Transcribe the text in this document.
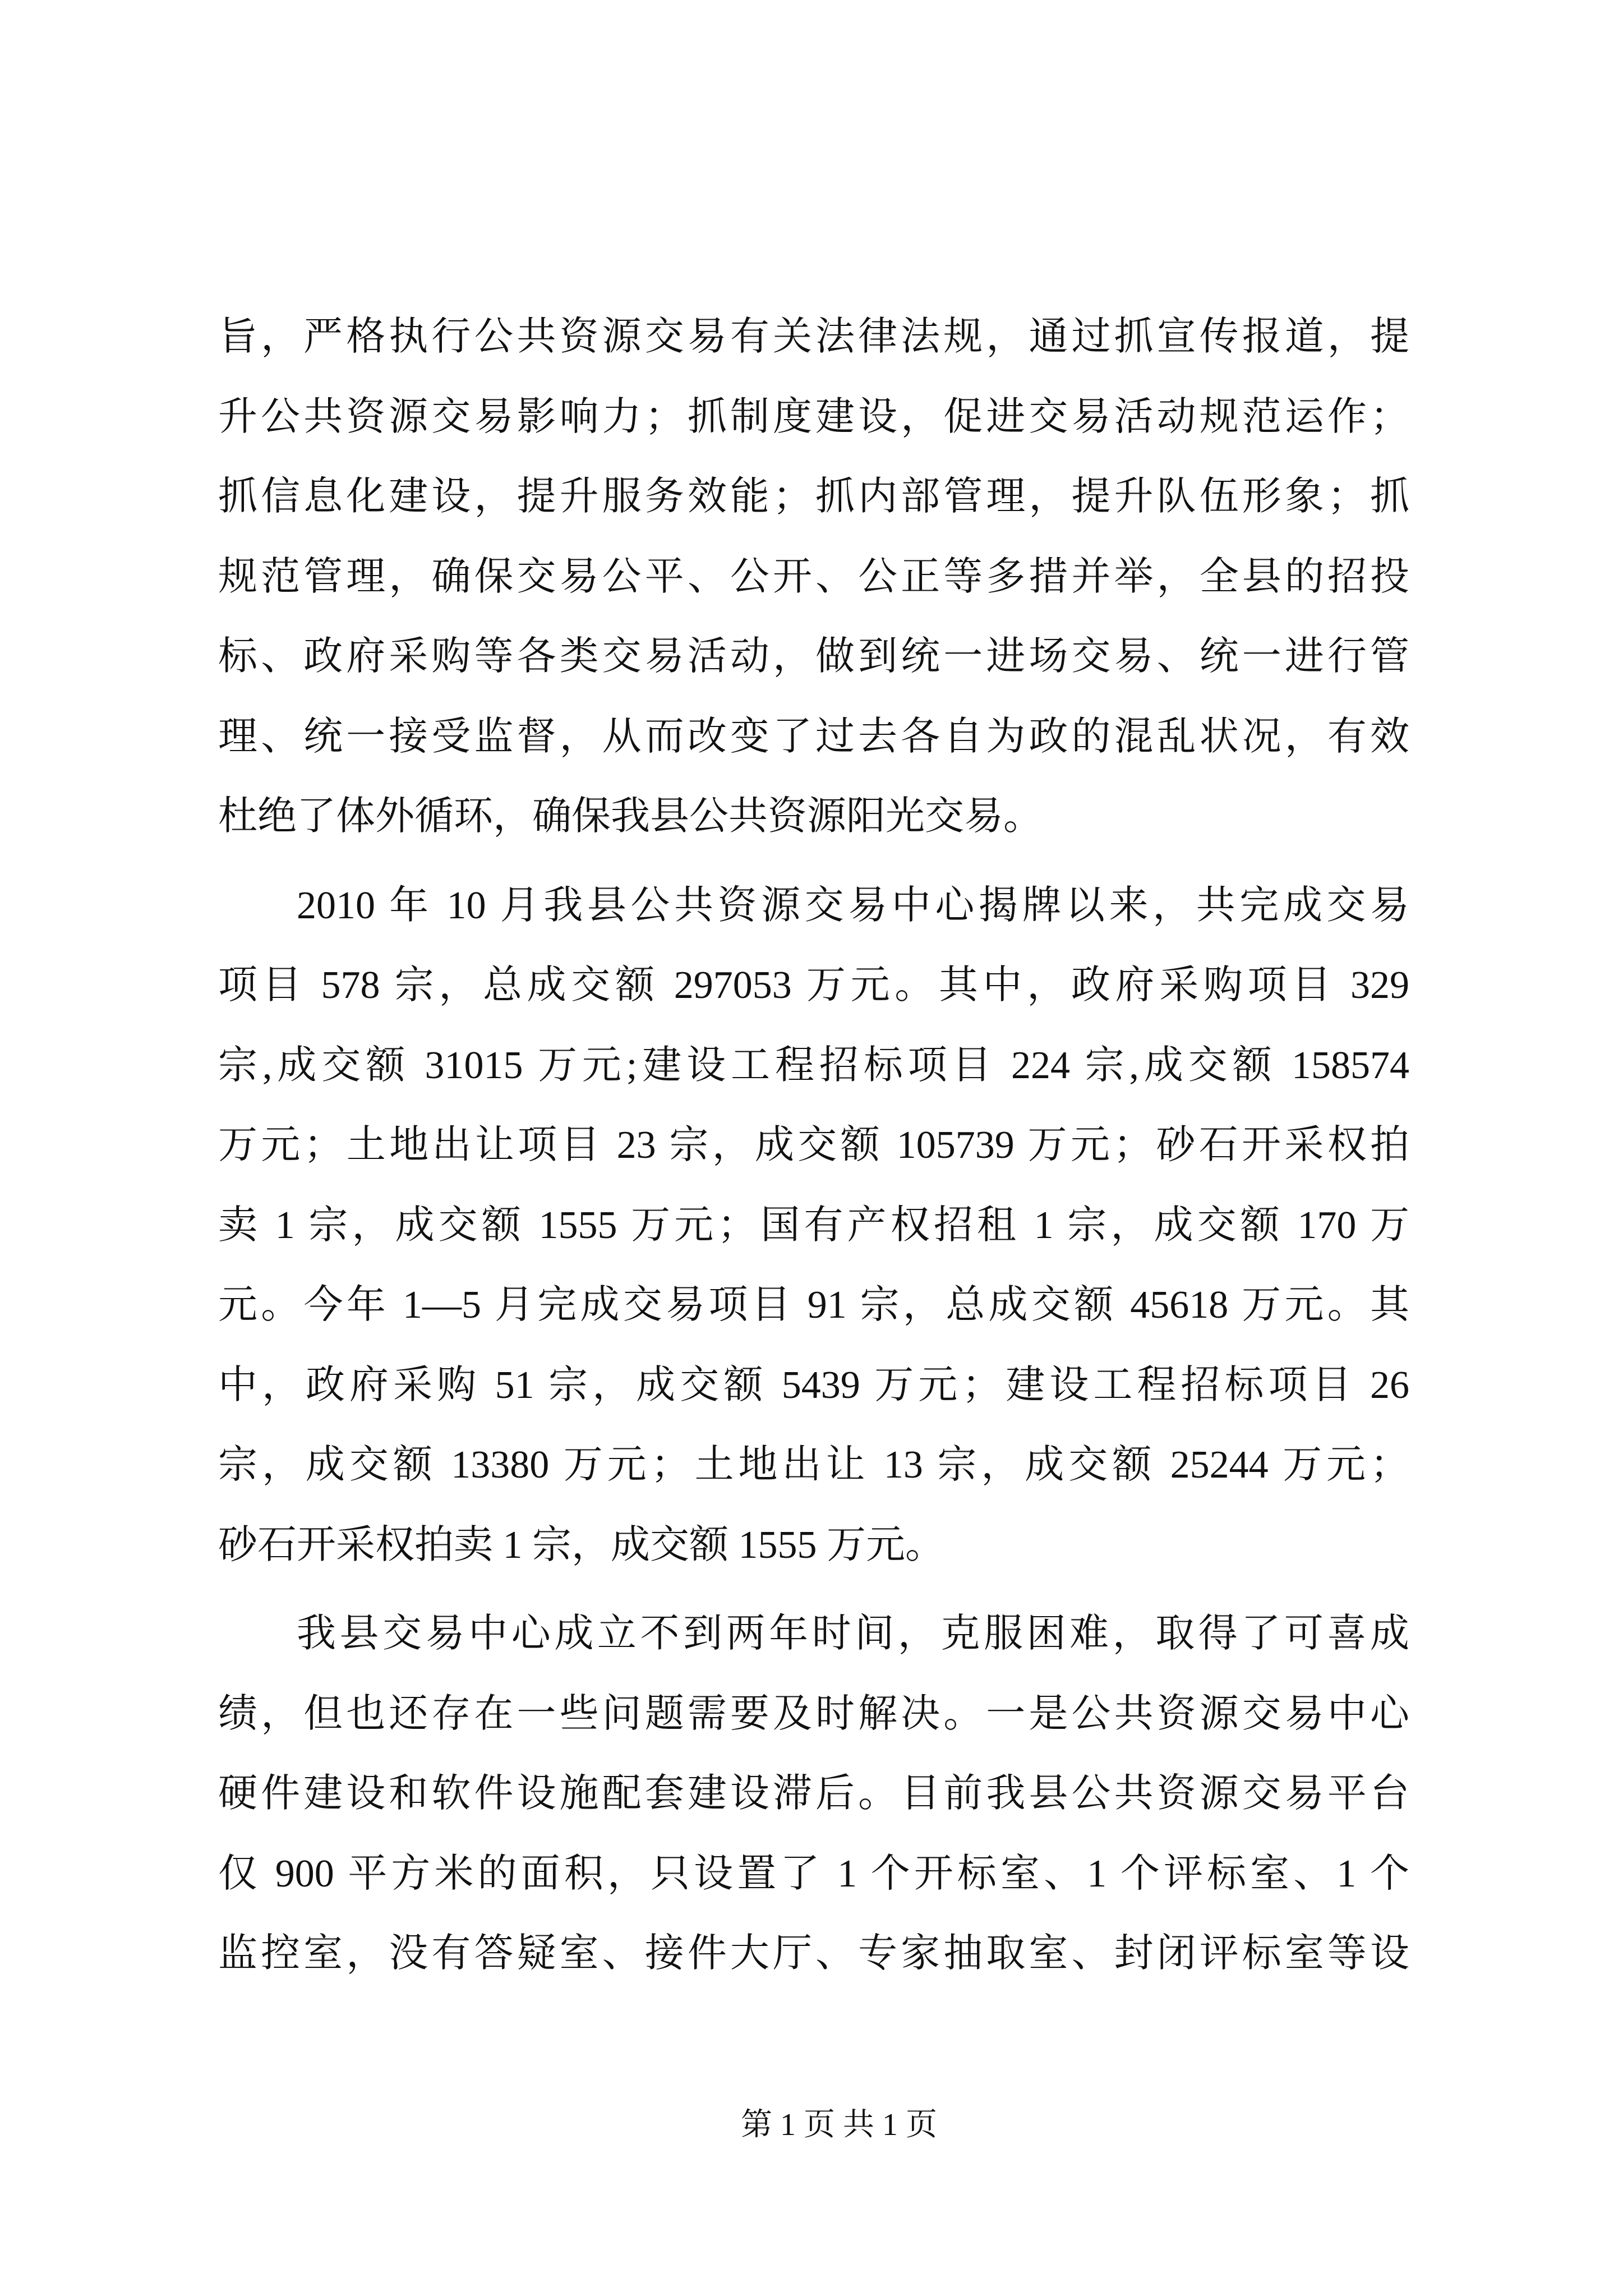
旨，严格执行公共资源交易有关法律法规，通过抓宣传报道，提
升公共资源交易影响力；抓制度建设，促进交易活动规范运作；
抓信息化建设，提升服务效能；抓内部管理，提升队伍形象；抓
规范管理，确保交易公平、公开、公正等多措并举，全县的招投
标、政府采购等各类交易活动，做到统一进场交易、统一进行管
理、统一接受监督，从而改变了过去各自为政的混乱状况，有效
杜绝了体外循环，确保我县公共资源阳光交易。
2010 年 10 月我县公共资源交易中心揭牌以来，共完成交易
项目 578 宗，总成交额 297053 万元。其中，政府采购项目 329
宗,成交额 31015 万元;建设工程招标项目 224 宗,成交额 158574
万元；土地出让项目 23 宗，成交额 105739 万元；砂石开采权拍
卖 1 宗，成交额 1555 万元；国有产权招租 1 宗，成交额 170 万
元。今年 1—5 月完成交易项目 91 宗，总成交额 45618 万元。其
中，政府采购 51 宗，成交额 5439 万元；建设工程招标项目 26
宗，成交额 13380 万元；土地出让 13 宗，成交额 25244 万元；
砂石开采权拍卖 1 宗，成交额 1555 万元。
我县交易中心成立不到两年时间，克服困难，取得了可喜成
绩，但也还存在一些问题需要及时解决。一是公共资源交易中心
硬件建设和软件设施配套建设滞后。目前我县公共资源交易平台
仅 900 平方米的面积，只设置了 1 个开标室、1 个评标室、1 个
监控室，没有答疑室、接件大厅、专家抽取室、封闭评标室等设
第 1 页 共 1 页
